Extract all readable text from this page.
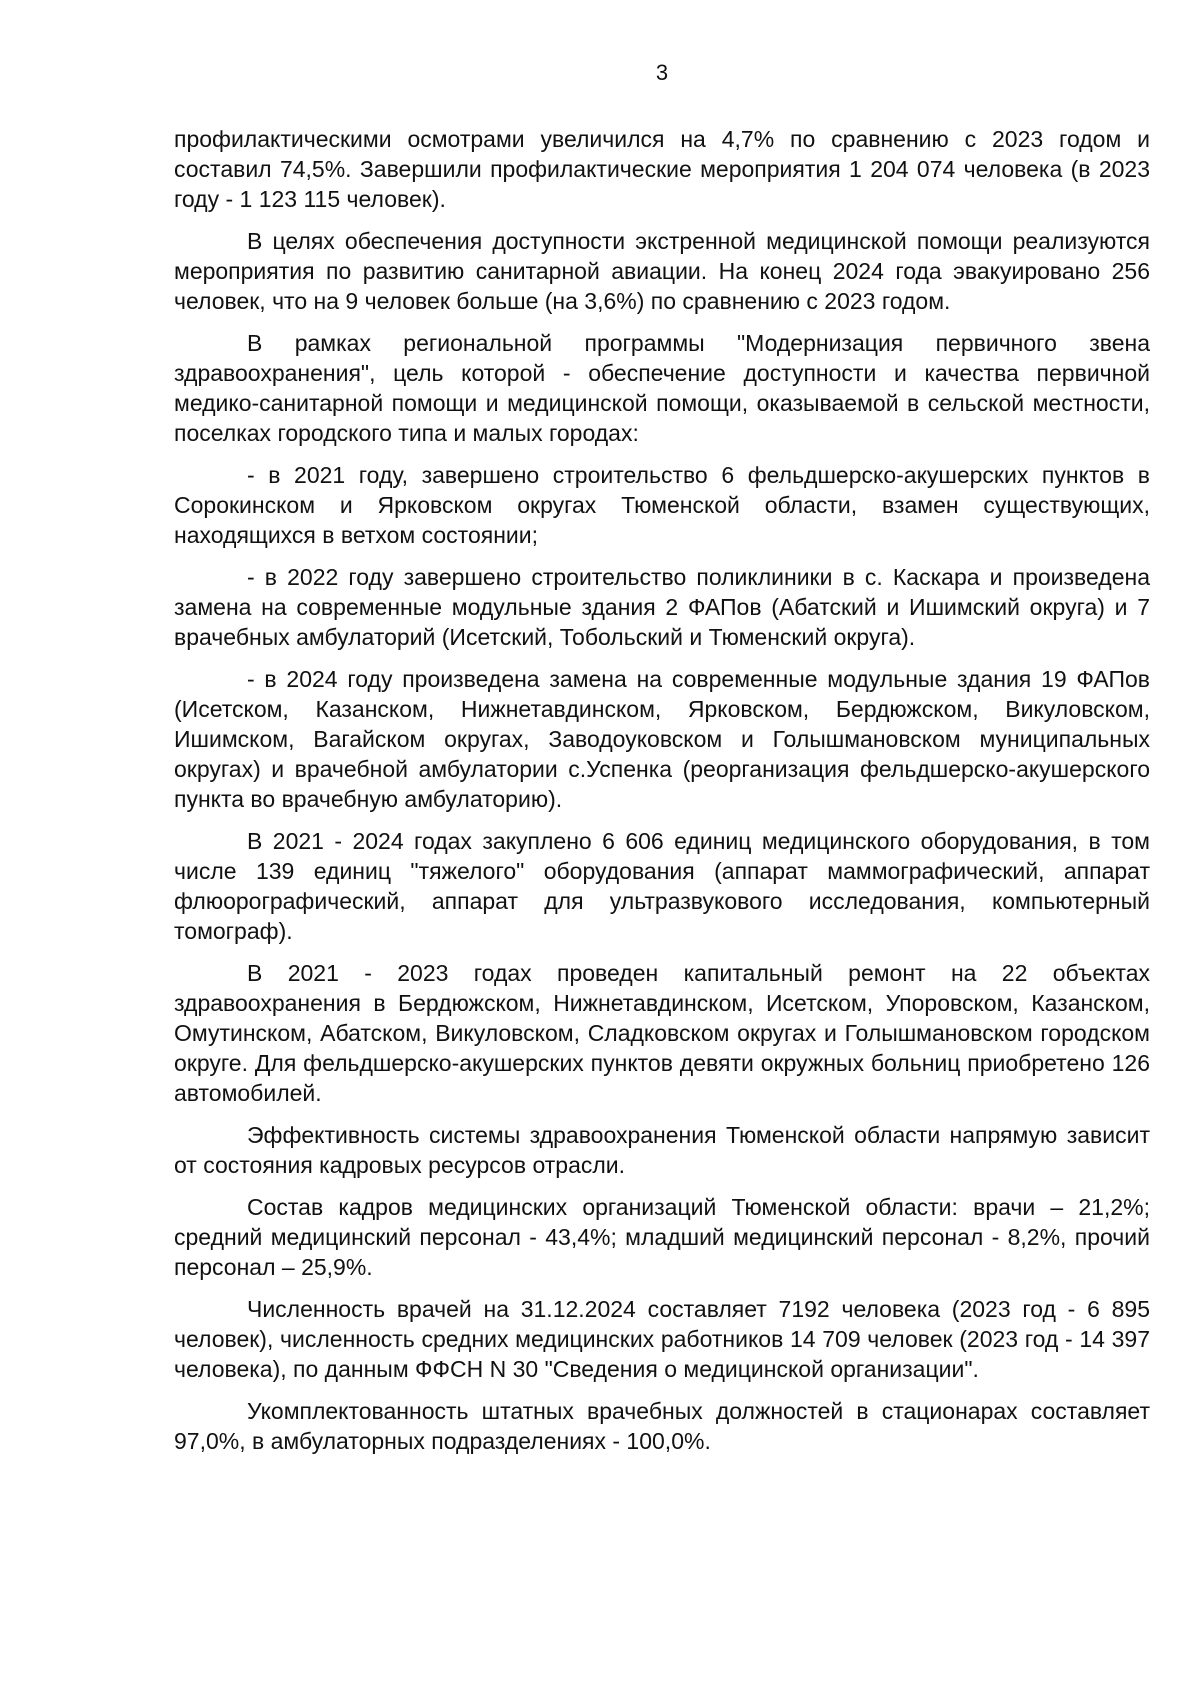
3

профилактическими осмотрами увеличился на 4,7% по сравнению с 2023 годом и составил 74,5%. Завершили профилактические мероприятия 1 204 074 человека (в 2023 году - 1 123 115 человек).

В целях обеспечения доступности экстренной медицинской помощи реализуются мероприятия по развитию санитарной авиации. На конец 2024 года эвакуировано 256 человек, что на 9 человек больше (на 3,6%) по сравнению с 2023 годом.

В рамках региональной программы "Модернизация первичного звена здравоохранения", цель которой - обеспечение доступности и качества первичной медико-санитарной помощи и медицинской помощи, оказываемой в сельской местности, поселках городского типа и малых городах:

- в 2021 году, завершено строительство 6 фельдшерско-акушерских пунктов в Сорокинском и Ярковском округах Тюменской области, взамен существующих, находящихся в ветхом состоянии;

- в 2022 году завершено строительство поликлиники в с. Каскара и произведена замена на современные модульные здания 2 ФАПов (Абатский и Ишимский округа) и 7 врачебных амбулаторий (Исетский, Тобольский и Тюменский округа).

- в 2024 году произведена замена на современные модульные здания 19 ФАПов (Исетском, Казанском, Нижнетавдинском, Ярковском, Бердюжском, Викуловском, Ишимском, Вагайском округах, Заводоуковском и Голышмановском муниципальных округах) и врачебной амбулатории с.Успенка (реорганизация фельдшерско-акушерского пункта во врачебную амбулаторию).

В 2021 - 2024 годах закуплено 6 606 единиц медицинского оборудования, в том числе 139 единиц "тяжелого" оборудования (аппарат маммографический, аппарат флюорографический, аппарат для ультразвукового исследования, компьютерный томограф).

В 2021 - 2023 годах проведен капитальный ремонт на 22 объектах здравоохранения в Бердюжском, Нижнетавдинском, Исетском, Упоровском, Казанском, Омутинском, Абатском, Викуловском, Сладковском округах и Голышмановском городском округе. Для фельдшерско-акушерских пунктов девяти окружных больниц приобретено 126 автомобилей.

Эффективность системы здравоохранения Тюменской области напрямую зависит от состояния кадровых ресурсов отрасли.

Состав кадров медицинских организаций Тюменской области: врачи – 21,2%; средний медицинский персонал - 43,4%; младший медицинский персонал - 8,2%, прочий персонал – 25,9%.

Численность врачей на 31.12.2024 составляет 7192 человека (2023 год - 6 895 человек), численность средних медицинских работников 14 709 человек (2023 год - 14 397 человека), по данным ФФСН N 30 "Сведения о медицинской организации".

Укомплектованность штатных врачебных должностей в стационарах составляет 97,0%, в амбулаторных подразделениях - 100,0%.
